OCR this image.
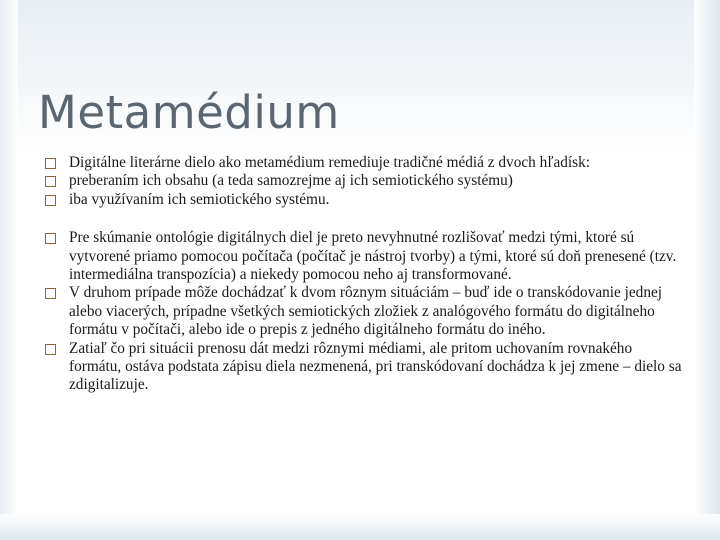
Metamédium
Digitálne literárne dielo ako metamédium remediuje tradičné médiá z dvoch hľadísk:
preberaním ich obsahu (a teda samozrejme aj ich semiotického systému)
iba využívaním ich semiotického systému.
Pre skúmanie ontológie digitálnych diel je preto nevyhnutné rozlišovať medzi tými, ktoré sú vytvorené priamo pomocou počítača (počítač je nástroj tvorby) a tými, ktoré sú doň prenesené (tzv. intermediálna transpozícia) a niekedy pomocou neho aj transformované.
V druhom prípade môže dochádzať k dvom rôznym situáciám – buď ide o transkódovanie jednej alebo viacerých, prípadne všetkých semiotických zložiek z analógového formátu do digitálneho formátu v počítači, alebo ide o prepis z jedného digitálneho formátu do iného.
Zatiaľ čo pri situácii prenosu dát medzi rôznymi médiami, ale pritom uchovaním rovnakého formátu, ostáva podstata zápisu diela nezmenená, pri transkódovaní dochádza k jej zmene – dielo sa zdigitalizuje.
